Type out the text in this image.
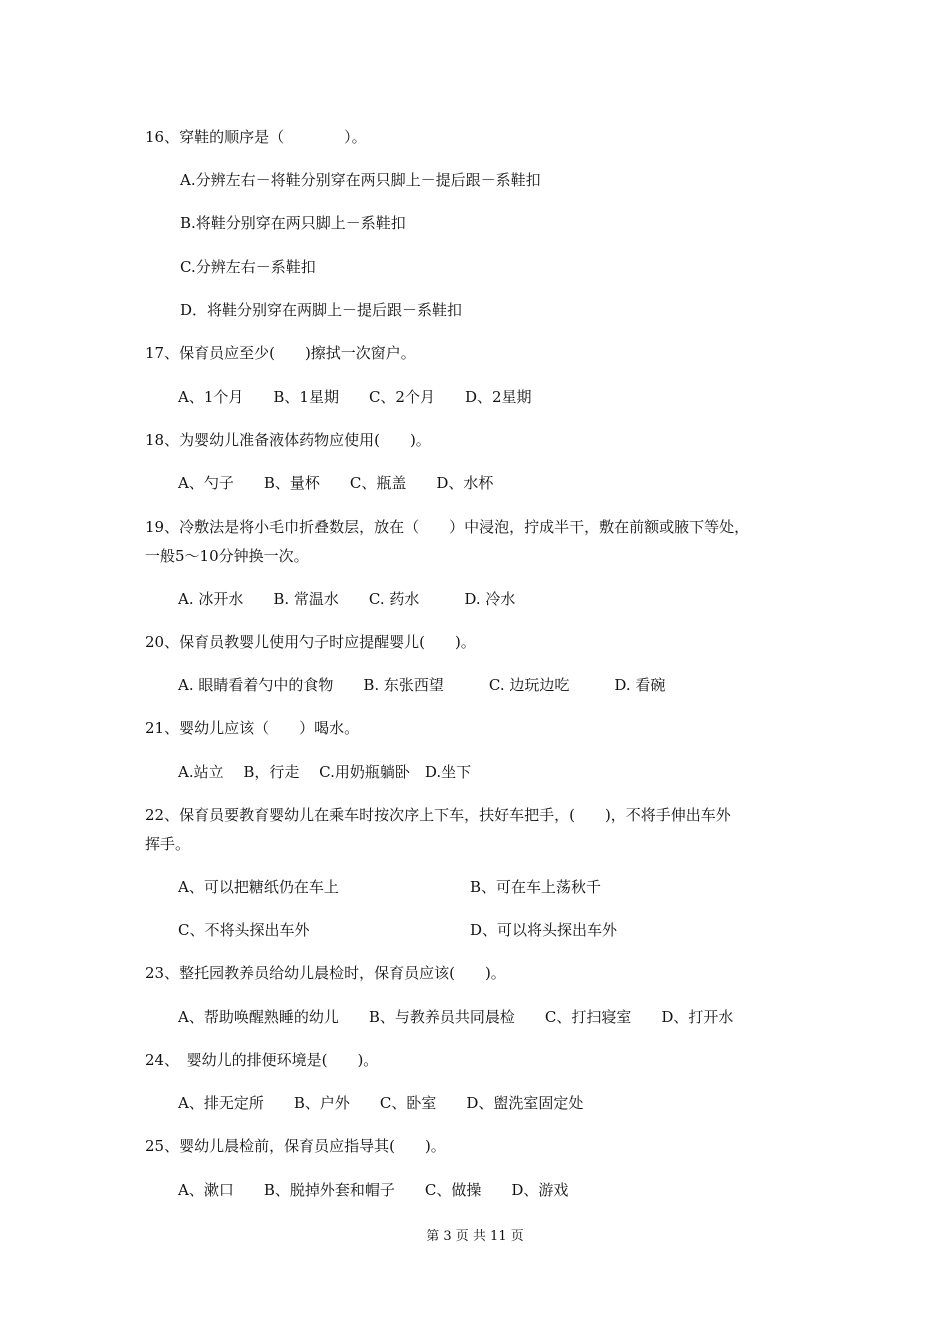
16、穿鞋的顺序是（　　　　）。
A.分辨左右－将鞋分别穿在两只脚上－提后跟－系鞋扣
B.将鞋分别穿在两只脚上－系鞋扣
C.分辨左右－系鞋扣
D．将鞋分别穿在两脚上－提后跟－系鞋扣
17、保育员应至少(　　)擦拭一次窗户。
A、1个月　　B、1星期　　C、2个月　　D、2星期
18、为婴幼儿准备液体药物应使用(　　)。
A、勺子　　B、量杯　　C、瓶盖　　D、水杯
19、冷敷法是将小毛巾折叠数层，放在（　　）中浸泡，拧成半干，敷在前额或腋下等处，
一般5～10分钟换一次。
A. 冰开水　　B. 常温水　　C. 药水　　　D. 冷水
20、保育员教婴儿使用勺子时应提醒婴儿(　　)。
A. 眼睛看着勺中的食物　　B. 东张西望　　　C. 边玩边吃　　　D. 看碗
21、婴幼儿应该（　　）喝水。
A.站立　 B，行走　 C.用奶瓶躺卧　D.坐下
22、保育员要教育婴幼儿在乘车时按次序上下车，扶好车把手，(　　)，不将手伸出车外
挥手。
A、可以把糖纸仍在车上	B、可在车上荡秋千
C、不将头探出车外	D、可以将头探出车外
23、整托园教养员给幼儿晨检时，保育员应该(　　)。
A、帮助唤醒熟睡的幼儿　　B、与教养员共同晨检　　C、打扫寝室　　D、打开水
24、　婴幼儿的排便环境是(　　)。
A、排无定所　　B、户外　　C、卧室　　D、盥洗室固定处
25、婴幼儿晨检前，保育员应指导其(　　)。
A、漱口　　B、脱掉外套和帽子　　C、做操　　D、游戏
第 3 页 共 11 页
